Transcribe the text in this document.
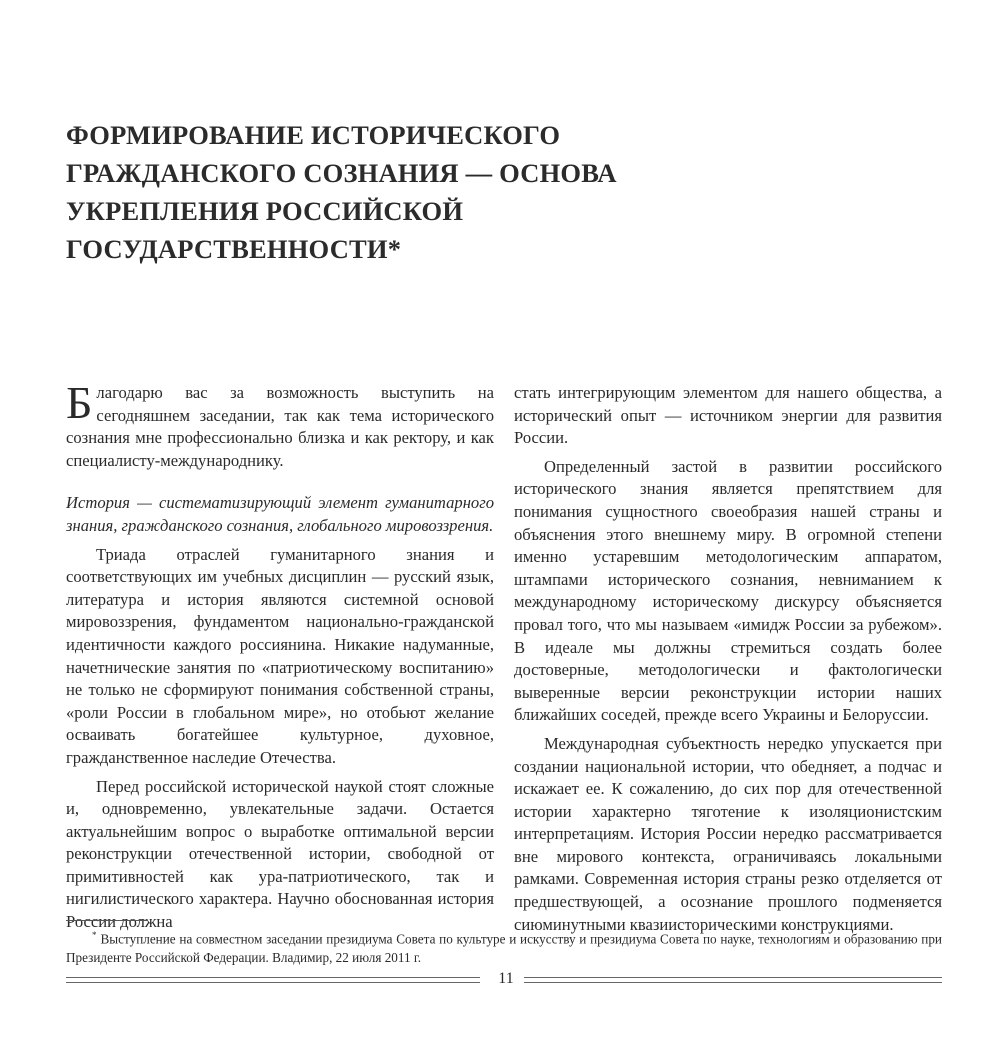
ФОРМИРОВАНИЕ ИСТОРИЧЕСКОГО ГРАЖДАНСКОГО СОЗНАНИЯ — ОСНОВА УКРЕПЛЕНИЯ РОССИЙСКОЙ ГОСУДАРСТВЕННОСТИ*

Благодарю вас за возможность выступить на сегодняшнем заседании, так как тема исторического сознания мне профессионально близка и как ректору, и как специалисту-международнику.

История — систематизирующий элемент гуманитарного знания, гражданского сознания, глобального мировоззрения.

Триада отраслей гуманитарного знания и соответствующих им учебных дисциплин — русский язык, литература и история являются системной основой мировоззрения, фундаментом национально-гражданской идентичности каждого россиянина. Никакие надуманные, начетнические занятия по «патриотическому воспитанию» не только не сформируют понимания собственной страны, «роли России в глобальном мире», но отобьют желание осваивать богатейшее культурное, духовное, гражданственное наследие Отечества.

Перед российской исторической наукой стоят сложные и, одновременно, увлекательные задачи. Остается актуальнейшим вопрос о выработке оптимальной версии реконструкции отечественной истории, свободной от примитивностей как ура-патриотического, так и нигилистического характера. Научно обоснованная история России должна

стать интегрирующим элементом для нашего общества, а исторический опыт — источником энергии для развития России.

Определенный застой в развитии российского исторического знания является препятствием для понимания сущностного своеобразия нашей страны и объяснения этого внешнему миру. В огромной степени именно устаревшим методологическим аппаратом, штампами исторического сознания, невниманием к международному историческому дискурсу объясняется провал того, что мы называем «имидж России за рубежом». В идеале мы должны стремиться создать более достоверные, методологически и фактологически выверенные версии реконструкции истории наших ближайших соседей, прежде всего Украины и Белоруссии.

Международная субъектность нередко упускается при создании национальной истории, что обедняет, а подчас и искажает ее. К сожалению, до сих пор для отечественной истории характерно тяготение к изоляционистским интерпретациям. История России нередко рассматривается вне мирового контекста, ограничиваясь локальными рамками. Современная история страны резко отделяется от предшествующей, а осознание прошлого подменяется сиюминутными квазиисторическими конструкциями.

* Выступление на совместном заседании президиума Совета по культуре и искусству и президиума Совета по науке, технологиям и образованию при Президенте Российской Федерации. Владимир, 22 июля 2011 г.

11
